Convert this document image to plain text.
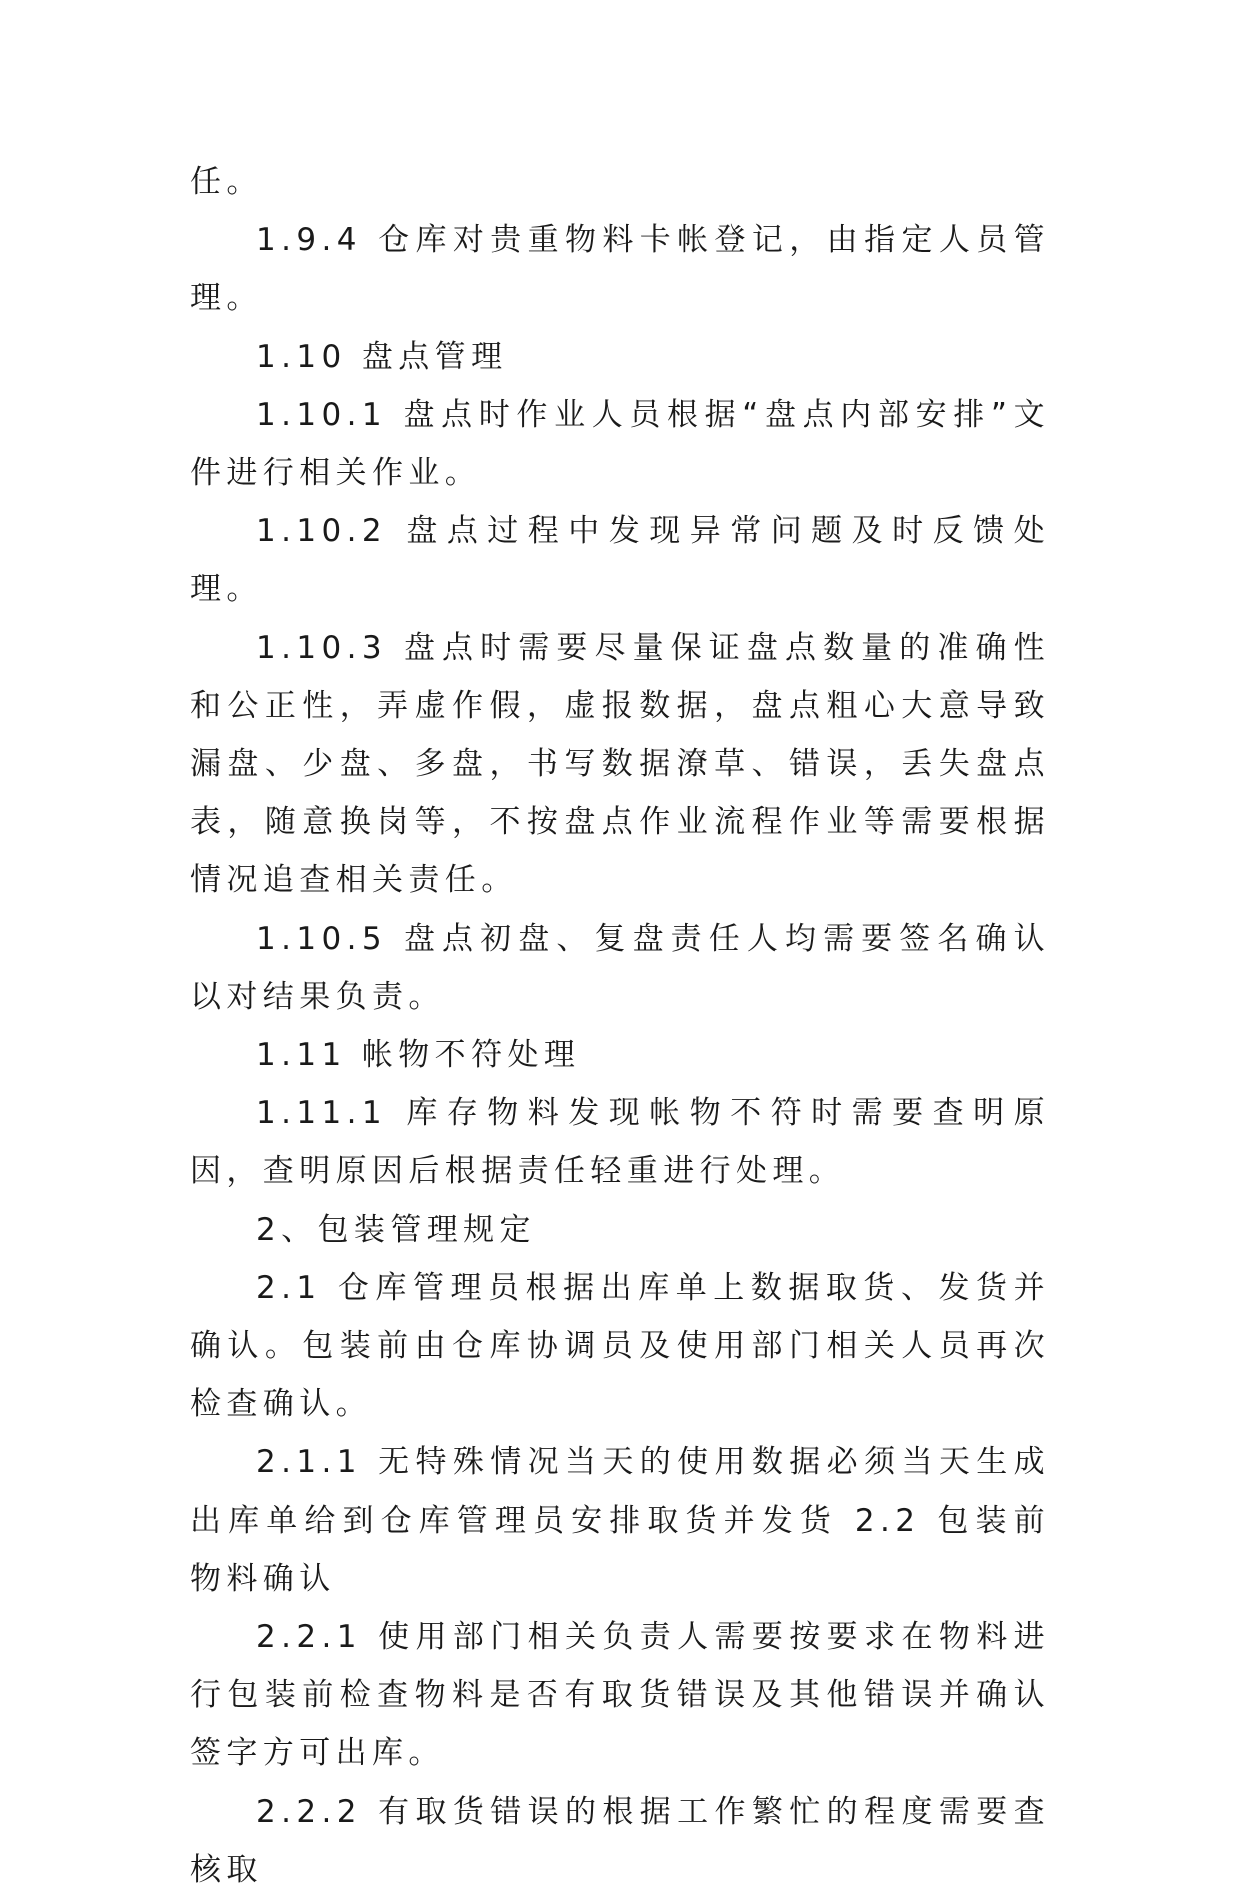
任。

1.9.4 仓库对贵重物料卡帐登记，由指定人员管理。

1.10 盘点管理

1.10.1 盘点时作业人员根据“盘点内部安排”文件进行相关作业。

1.10.2 盘点过程中发现异常问题及时反馈处理。

1.10.3 盘点时需要尽量保证盘点数量的准确性和公正性，弄虚作假，虚报数据，盘点粗心大意导致漏盘、少盘、多盘，书写数据潦草、错误，丢失盘点表，随意换岗等，不按盘点作业流程作业等需要根据情况追查相关责任。

1.10.5 盘点初盘、复盘责任人均需要签名确认以对结果负责。

1.11 帐物不符处理

1.11.1 库存物料发现帐物不符时需要查明原因，查明原因后根据责任轻重进行处理。

2、包装管理规定

2.1 仓库管理员根据出库单上数据取货、发货并确认。包装前由仓库协调员及使用部门相关人员再次检查确认。

2.1.1 无特殊情况当天的使用数据必须当天生成出库单给到仓库管理员安排取货并发货 2.2 包装前物料确认

2.2.1 使用部门相关负责人需要按要求在物料进行包装前检查物料是否有取货错误及其他错误并确认签字方可出库。

2.2.2 有取货错误的根据工作繁忙的程度需要查核取
